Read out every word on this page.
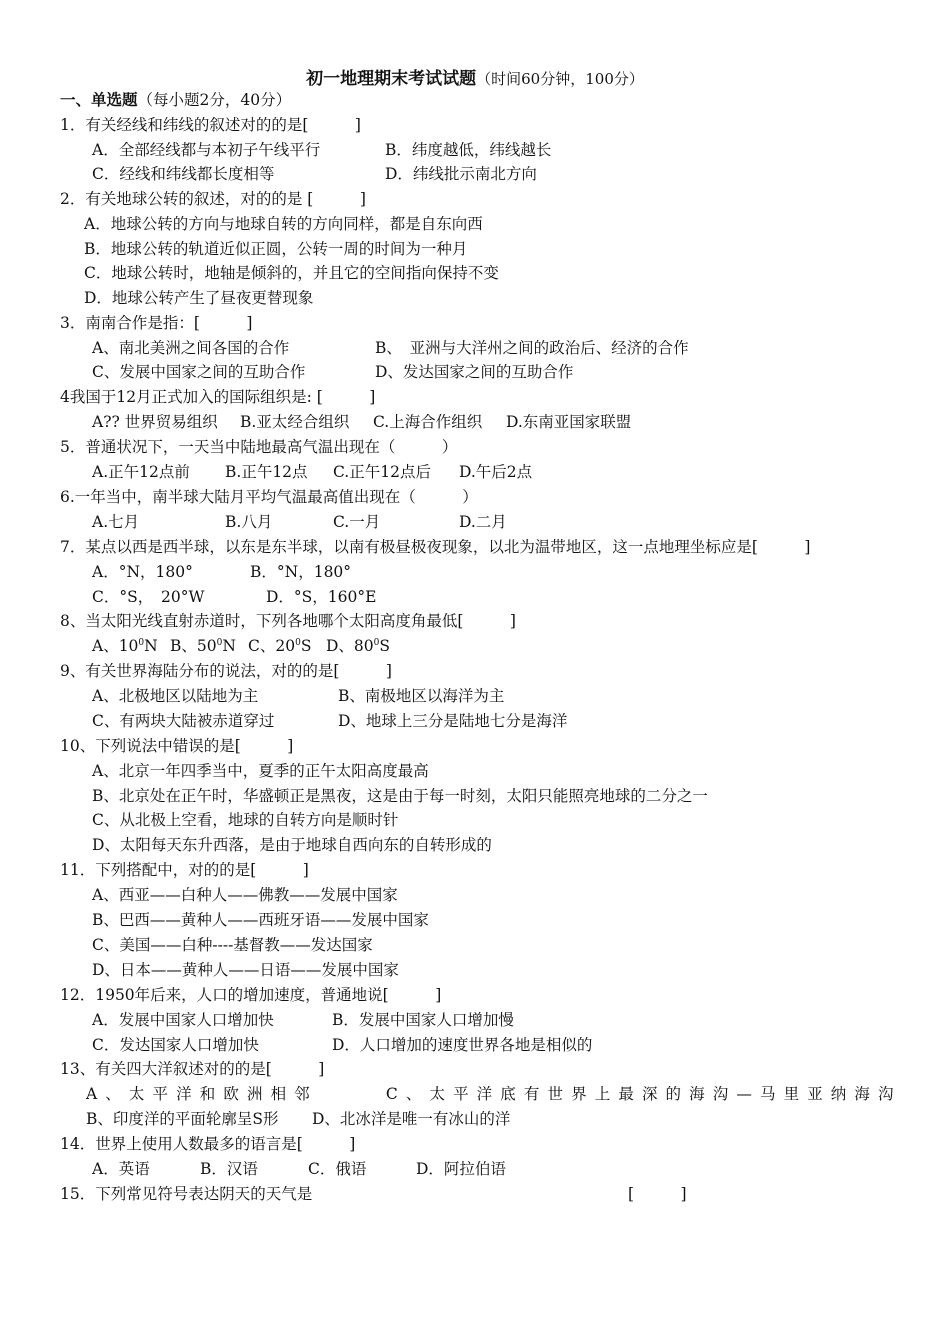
初一地理期末考试试题（时间60分钟，100分）
一、单选题（每小题2分，40分）
1．有关经线和纬线的叙述对的的是[　　　]
A．全部经线都与本初子午线平行	B．纬度越低，纬线越长
C．经线和纬线都长度相等	D．纬线批示南北方向
2．有关地球公转的叙述，对的的是 [　　　]
A．地球公转的方向与地球自转的方向同样，都是自东向西
B．地球公转的轨道近似正圆，公转一周的时间为一种月
C．地球公转时，地轴是倾斜的，并且它的空间指向保持不变
D．地球公转产生了昼夜更替现象
3．南南合作是指：[　　　]
A、南北美洲之间各国的合作	B、　亚洲与大洋州之间的政治后、经济的合作
C、发展中国家之间的互助合作	D、发达国家之间的互助合作
4我国于12月正式加入的国际组织是: [　　　]
A?? 世界贸易组织 B.亚太经合组织 C.上海合作组织 D.东南亚国家联盟
5．普通状况下，一天当中陆地最高气温出现在（　　　）
A.正午12点前 B.正午12点 C.正午12点后 D.午后2点
6.一年当中，南半球大陆月平均气温最高值出现在（　　　）
A.七月	B.八月	C.一月	D.二月
7．某点以西是西半球，以东是东半球，以南有极昼极夜现象，以北为温带地区，这一点地理坐标应是[　　　]
A．°N，180°	B．°N，180°
C．°S，　20°W	D．°S，160°E
8、当太阳光线直射赤道时，下列各地哪个太阳高度角最低[　　　]
A、$10^0N$ B、$50^0N$ C、$20^0S$ D、$80^0S$
9、有关世界海陆分布的说法，对的的是[　　　]
A、北极地区以陆地为主	B、南极地区以海洋为主
C、有两块大陆被赤道穿过	D、地球上三分是陆地七分是海洋
10、下列说法中错误的是[　　　]
A、北京一年四季当中，夏季的正午太阳高度最高
B、北京处在正午时，华盛顿正是黑夜，这是由于每一时刻，太阳只能照亮地球的二分之一
C、从北极上空看，地球的自转方向是顺时针
D、太阳每天东升西落，是由于地球自西向东的自转形成的
11．下列搭配中，对的的是[　　　]
A、西亚——白种人——佛教——发展中国家
B、巴西——黄种人——西班牙语——发展中国家
C、美国——白种----基督教——发达国家
D、日本——黄种人——日语——发展中国家
12．1950年后来，人口的增加速度，普通地说[　　　]
A．发展中国家人口增加快	B．发展中国家人口增加慢
C．发达国家人口增加快	D．人口增加的速度世界各地是相似的
13、有关四大洋叙述对的的是[　　　]
A 、 太 平 洋 和 欧 洲 相 邻	C 、 太 平 洋 底 有 世 界 上 最 深 的 海 沟 — 马 里 亚 纳 海 沟
B、印度洋的平面轮廓呈S形 D、北冰洋是唯一有冰山的洋
14．世界上使用人数最多的语言是[　　　]
A．英语	B．汉语	C．俄语	D．阿拉伯语
15．下列常见符号表达阴天的天气是	[　　　]
